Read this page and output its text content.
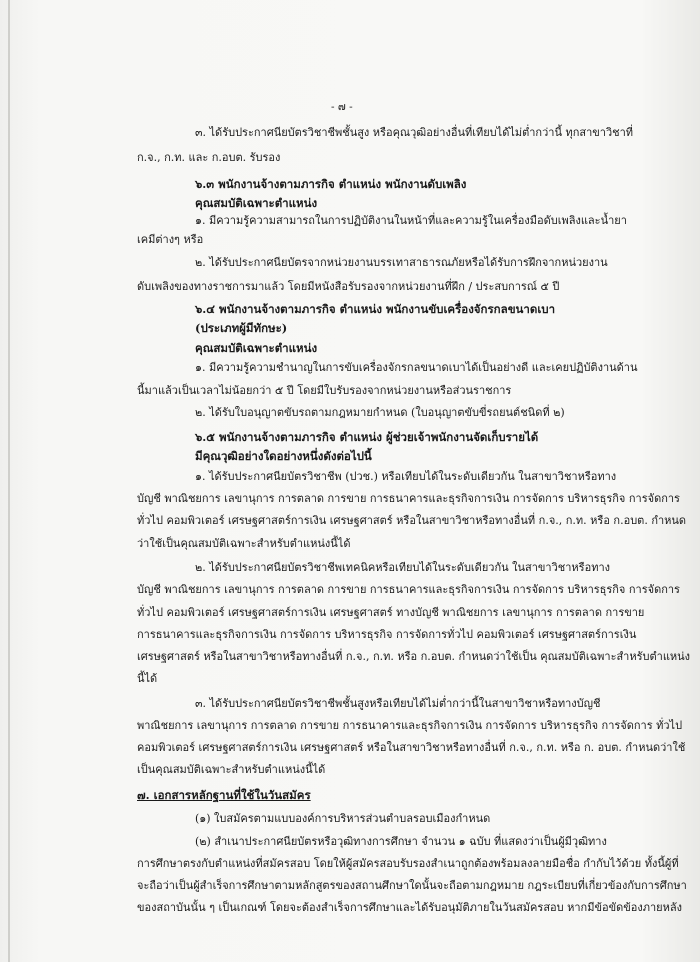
- ๗ -
๓. ได้รับประกาศนียบัตรวิชาชีพชั้นสูง หรือคุณวุฒิอย่างอื่นที่เทียบได้ไม่ต่ำกว่านี้ ทุกสาขาวิชาที่
ก.จ., ก.ท. และ ก.อบต. รับรอง
๖.๓ พนักงานจ้างตามภารกิจ ตำแหน่ง พนักงานดับเพลิง
คุณสมบัติเฉพาะตำแหน่ง
๑. มีความรู้ความสามารถในการปฏิบัติงานในหน้าที่และความรู้ในเครื่องมือดับเพลิงและน้ำยา
เคมีต่างๆ หรือ
๒. ได้รับประกาศนียบัตรจากหน่วยงานบรรเทาสาธารณภัยหรือได้รับการฝึกจากหน่วยงาน
ดับเพลิงของทางราชการมาแล้ว โดยมีหนังสือรับรองจากหน่วยงานที่ฝึก / ประสบการณ์ ๕ ปี
๖.๔ พนักงานจ้างตามภารกิจ ตำแหน่ง พนักงานขับเครื่องจักรกลขนาดเบา
(ประเภทผู้มีทักษะ)
คุณสมบัติเฉพาะตำแหน่ง
๑. มีความรู้ความชำนาญในการขับเครื่องจักรกลขนาดเบาได้เป็นอย่างดี และเคยปฏิบัติงานด้าน
นี้มาแล้วเป็นเวลาไม่น้อยกว่า ๕ ปี โดยมีใบรับรองจากหน่วยงานหรือส่วนราชการ
๒. ได้รับใบอนุญาตขับรถตามกฎหมายกำหนด (ใบอนุญาตขับขี่รถยนต์ชนิดที่ ๒)
๖.๕ พนักงานจ้างตามภารกิจ ตำแหน่ง ผู้ช่วยเจ้าพนักงานจัดเก็บรายได้
มีคุณวุฒิอย่างใดอย่างหนึ่งดังต่อไปนี้
๑. ได้รับประกาศนียบัตรวิชาชีพ (ปวช.) หรือเทียบได้ในระดับเดียวกัน ในสาขาวิชาหรือทาง
บัญชี พาณิชยการ เลขานุการ การตลาด การขาย การธนาคารและธุรกิจการเงิน การจัดการ บริหารธุรกิจ การจัดการ
ทั่วไป คอมพิวเตอร์ เศรษฐศาสตร์การเงิน เศรษฐศาสตร์ หรือในสาขาวิชาหรือทางอื่นที่ ก.จ., ก.ท. หรือ ก.อบต. กำหนด
ว่าใช้เป็นคุณสมบัติเฉพาะสำหรับตำแหน่งนี้ได้
๒. ได้รับประกาศนียบัตรวิชาชีพเทคนิคหรือเทียบได้ในระดับเดียวกัน ในสาขาวิชาหรือทาง
บัญชี พาณิชยการ เลขานุการ การตลาด การขาย การธนาคารและธุรกิจการเงิน การจัดการ บริหารธุรกิจ การจัดการ
ทั่วไป คอมพิวเตอร์ เศรษฐศาสตร์การเงิน เศรษฐศาสตร์ ทางบัญชี พาณิชยการ เลขานุการ การตลาด การขาย
การธนาคารและธุรกิจการเงิน การจัดการ บริหารธุรกิจ การจัดการทั่วไป คอมพิวเตอร์ เศรษฐศาสตร์การเงิน
เศรษฐศาสตร์ หรือในสาขาวิชาหรือทางอื่นที่ ก.จ., ก.ท. หรือ ก.อบต. กำหนดว่าใช้เป็น คุณสมบัติเฉพาะสำหรับตำแหน่ง
นี้ได้
๓. ได้รับประกาศนียบัตรวิชาชีพชั้นสูงหรือเทียบได้ไม่ต่ำกว่านี้ในสาขาวิชาหรือทางบัญชี
พาณิชยการ เลขานุการ การตลาด การขาย การธนาคารและธุรกิจการเงิน การจัดการ บริหารธุรกิจ การจัดการ ทั่วไป
คอมพิวเตอร์ เศรษฐศาสตร์การเงิน เศรษฐศาสตร์ หรือในสาขาวิชาหรือทางอื่นที่ ก.จ., ก.ท. หรือ ก. อบต. กำหนดว่าใช้
เป็นคุณสมบัติเฉพาะสำหรับตำแหน่งนี้ได้
๗. เอกสารหลักฐานที่ใช้ในวันสมัคร
(๑) ใบสมัครตามแบบองค์การบริหารส่วนตำบลรอบเมืองกำหนด
(๒) สำเนาประกาศนียบัตรหรือวุฒิทางการศึกษา จำนวน ๑ ฉบับ ที่แสดงว่าเป็นผู้มีวุฒิทาง
การศึกษาตรงกับตำแหน่งที่สมัครสอบ โดยให้ผู้สมัครสอบรับรองสำเนาถูกต้องพร้อมลงลายมือชื่อ กำกับไว้ด้วย ทั้งนี้ผู้ที่
จะถือว่าเป็นผู้สำเร็จการศึกษาตามหลักสูตรของสถานศึกษาใดนั้นจะถือตามกฎหมาย กฎระเบียบที่เกี่ยวข้องกับการศึกษา
ของสถาบันนั้น ๆ เป็นเกณฑ์ โดยจะต้องสำเร็จการศึกษาและได้รับอนุมัติภายในวันสมัครสอบ หากมีข้อขัดข้องภายหลัง
